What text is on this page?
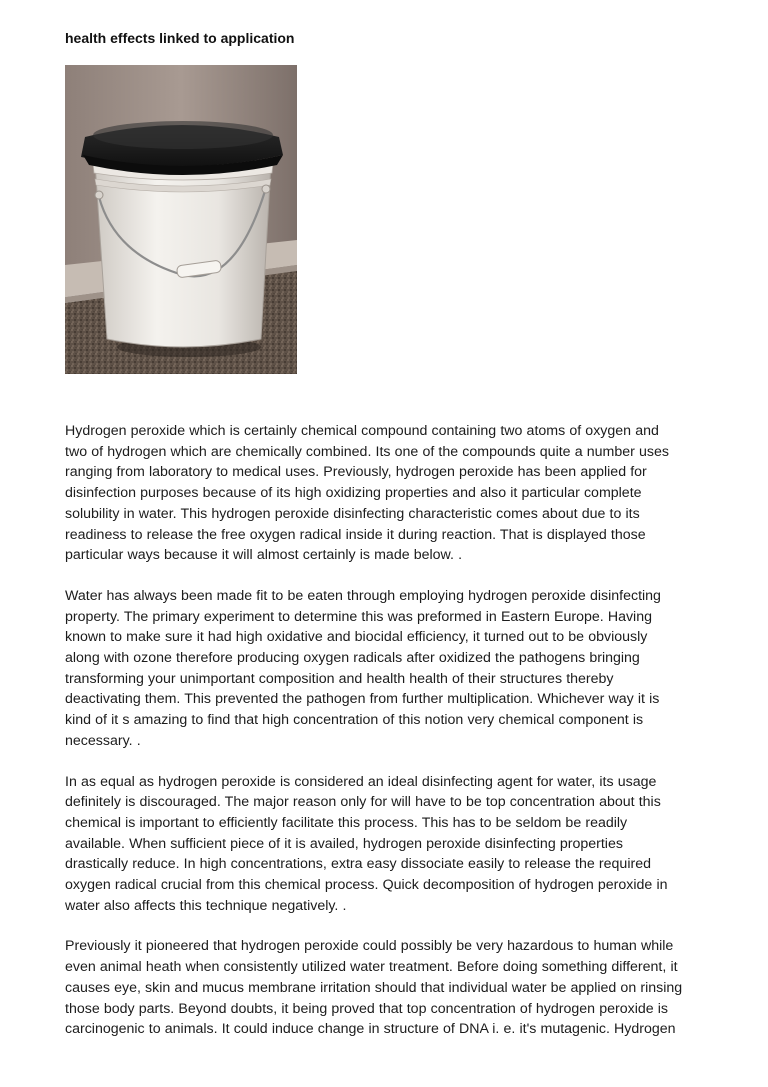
health effects linked to application

Hydrogen peroxide which is certainly chemical compound containing two atoms of oxygen and
two of hydrogen which are chemically combined. Its one of the compounds quite a number uses
ranging from laboratory to medical uses. Previously, hydrogen peroxide has been applied for
disinfection purposes because of its high oxidizing properties and also it particular complete
solubility in water. This hydrogen peroxide disinfecting characteristic comes about due to its
readiness to release the free oxygen radical inside it during reaction. That is displayed those
particular ways because it will almost certainly is made below. .

Water has always been made fit to be eaten through employing hydrogen peroxide disinfecting
property. The primary experiment to determine this was preformed in Eastern Europe. Having
known to make sure it had high oxidative and biocidal efficiency, it turned out to be obviously
along with ozone therefore producing oxygen radicals after oxidized the pathogens bringing
transforming your unimportant composition and health health of their structures thereby
deactivating them. This prevented the pathogen from further multiplication. Whichever way it is
kind of it s amazing to find that high concentration of this notion very chemical component is
necessary. .

In as equal as hydrogen peroxide is considered an ideal disinfecting agent for water, its usage
definitely is discouraged. The major reason only for will have to be top concentration about this
chemical is important to efficiently facilitate this process. This has to be seldom be readily
available. When sufficient piece of it is availed, hydrogen peroxide disinfecting properties
drastically reduce. In high concentrations, extra easy dissociate easily to release the required
oxygen radical crucial from this chemical process. Quick decomposition of hydrogen peroxide in
water also affects this technique negatively. .

Previously it pioneered that hydrogen peroxide could possibly be very hazardous to human while
even animal heath when consistently utilized water treatment. Before doing something different, it
causes eye, skin and mucus membrane irritation should that individual water be applied on rinsing
those body parts. Beyond doubts, it being proved that top concentration of hydrogen peroxide is
carcinogenic to animals. It could induce change in structure of DNA i. e. it's mutagenic. Hydrogen
